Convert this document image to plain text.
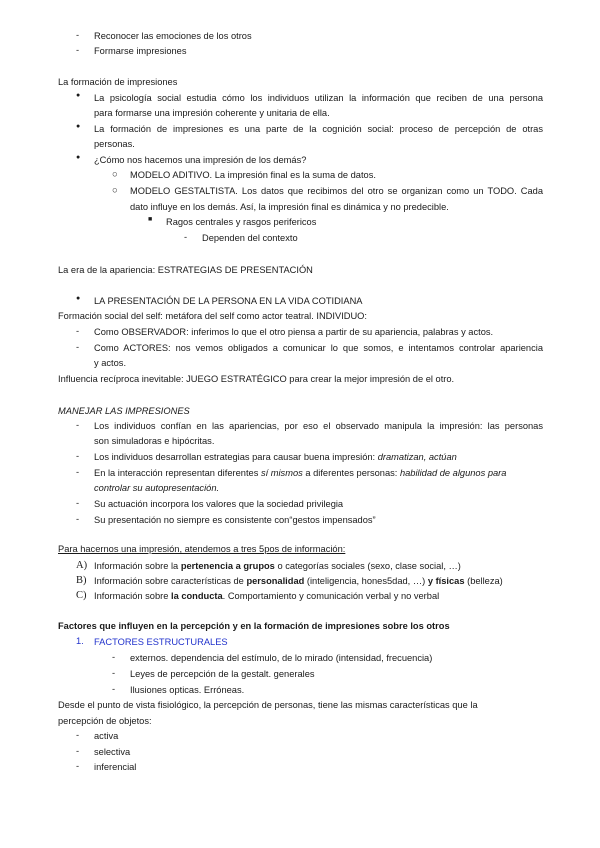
- Reconocer las emociones de los otros
- Formarse impresiones
La formación de impresiones
● La psicología social estudia cómo los individuos utilizan la información que reciben de una persona
para formarse una impresión coherente y unitaria de ella.
● La formación de impresiones es una parte de la cognición social: proceso de percepción de otras
personas.
● ¿Cómo nos hacemos una impresión de los demás?
○ MODELO ADITIVO. La impresión final es la suma de datos.
○ MODELO GESTALTISTA. Los datos que recibimos del otro se organizan como un TODO. Cada
dato influye en los demás. Así, la impresión final es dinámica y no predecible.
■ Ragos centrales y rasgos perifericos
- Dependen del contexto
La era de la apariencia: ESTRATEGIAS DE PRESENTACIÓN
● LA PRESENTACIÓN DE LA PERSONA EN LA VIDA COTIDIANA
Formación social del self: metáfora del self como actor teatral. INDIVIDUO:
- Como OBSERVADOR: inferimos lo que el otro piensa a partir de su apariencia, palabras y actos.
- Como ACTORES: nos vemos obligados a comunicar lo que somos, e intentamos controlar apariencia
y actos.
Influencia recíproca inevitable: JUEGO ESTRATÉGICO para crear la mejor impresión de el otro.
MANEJAR LAS IMPRESIONES
- Los individuos confían en las apariencias, por eso el observado manipula la impresión: las personas
son simuladoras e hipócritas.
- Los individuos desarrollan estrategias para causar buena impresión: dramatizan, actúan
- En la interacción representan diferentes sí mismos a diferentes personas: habilidad de algunos para
controlar su autopresentación.
- Su actuación incorpora los valores que la sociedad privilegia
- Su presentación no siempre es consistente con“gestos impensados”
Para hacernos una impresión, atendemos a tres 5pos de información:
A) Información sobre la pertenencia a grupos o categorías sociales (sexo, clase social, …)
B) Información sobre características de personalidad (inteligencia, hones5dad, …) y físicas (belleza)
C) Información sobre la conducta. Comportamiento y comunicación verbal y no verbal
Factores que influyen en la percepción y en la formación de impresiones sobre los otros
1. FACTORES ESTRUCTURALES
- externos. dependencia del estímulo, de lo mirado (intensidad, frecuencia)
- Leyes de percepción de la gestalt. generales
- Ilusiones opticas. Erróneas.
Desde el punto de vista fisiológico, la percepción de personas, tiene las mismas características que la
percepción de objetos:
- activa
- selectiva
- inferencial
